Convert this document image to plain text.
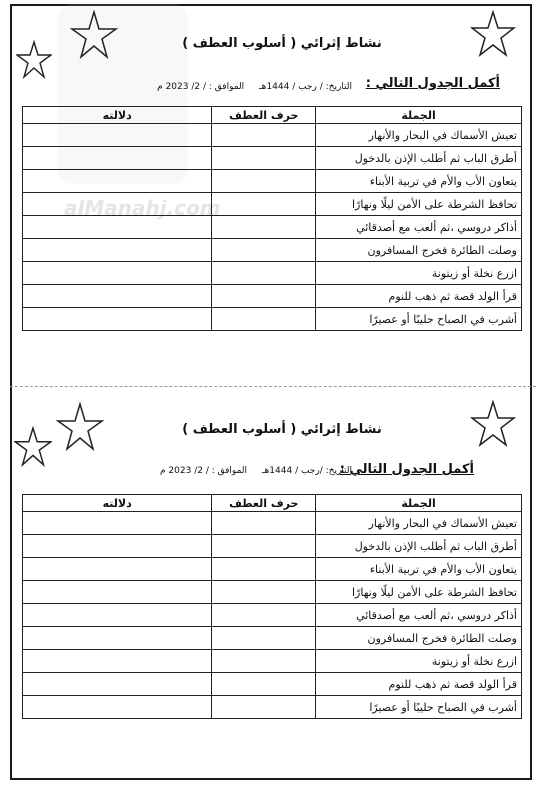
alManahj.com
نشاط إثرائي ( أسلوب العطف )
التاريخ: / رجب / 1444هـ الموافق : / 2/ 2023 م	أكمل الجدول التالي :
الجملة	حرف العطف	دلالته
تعيش الأسماك في البحار والأنهار		
أطرق الباب ثم أطلب الإذن بالدخول		
يتعاون الأب والأم في تربية الأبناء		
تحافظ الشرطة على الأمن ليلًا ونهارًا		
أذاكر دروسي ،ثم ألعب مع أصدقائي		
وصلت الطائرة فخرج المسافرون		
ازرع نخلة أو زيتونة		
قرأ الولد قصة ثم ذهب للنوم		
أشرب في الصباح حليبًا أو عصيرًا		
نشاط إثرائي ( أسلوب العطف )
التاريخ: /رجب / 1444هـ الموافق : / 2/ 2023 م	أكمل الجدول التالي :
الجملة	حرف العطف	دلالته
تعيش الأسماك في البحار والأنهار		
أطرق الباب ثم أطلب الإذن بالدخول		
يتعاون الأب والأم في تربية الأبناء		
تحافظ الشرطة على الأمن ليلًا ونهارًا		
أذاكر دروسي ،ثم ألعب مع أصدقائي		
وصلت الطائرة فخرج المسافرون		
ازرع نخلة أو زيتونة		
قرأ الولد قصة ثم ذهب للنوم		
أشرب في الصباح حليبًا أو عصيرًا		
